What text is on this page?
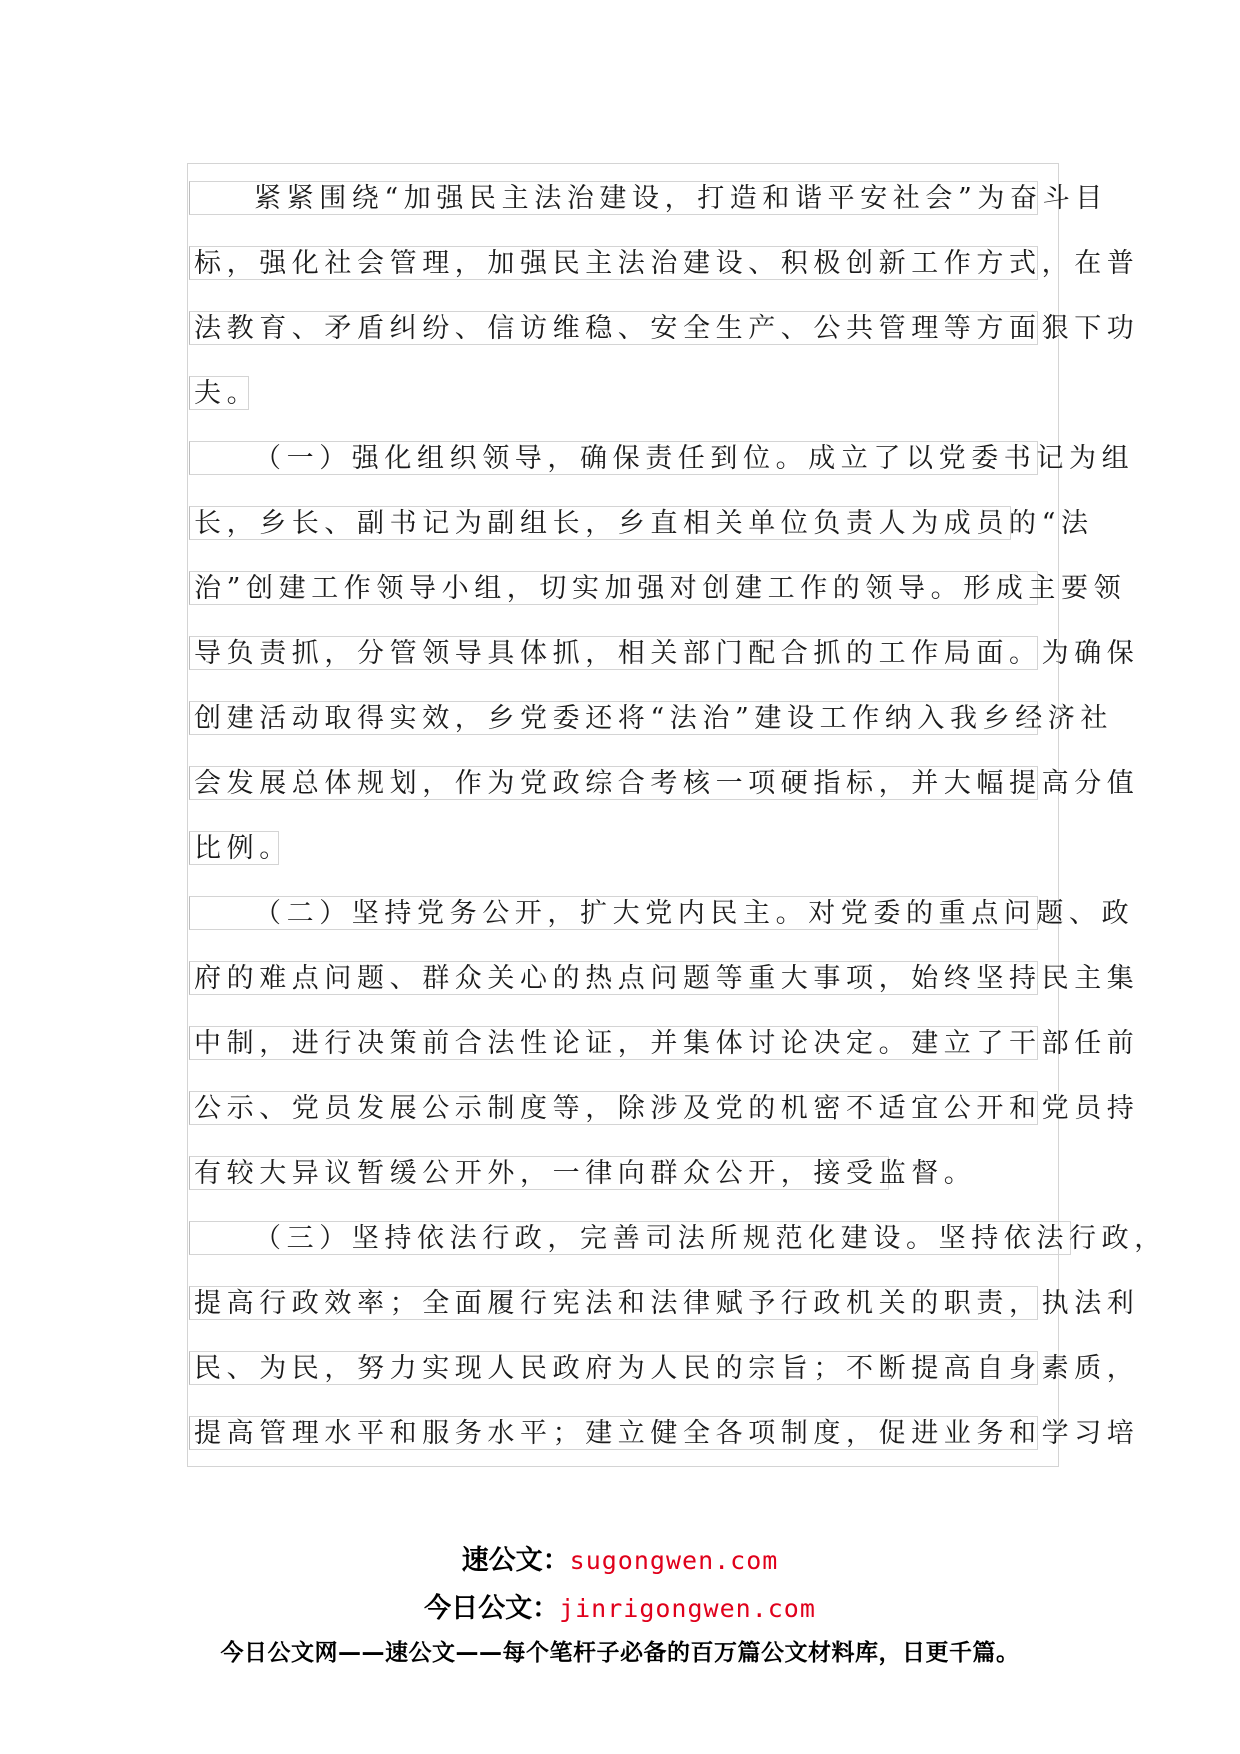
紧紧围绕“加强民主法治建设，打造和谐平安社会”为奋斗目
标，强化社会管理，加强民主法治建设、积极创新工作方式，在普
法教育、矛盾纠纷、信访维稳、安全生产、公共管理等方面狠下功
夫。
（一）强化组织领导，确保责任到位。成立了以党委书记为组
长，乡长、副书记为副组长，乡直相关单位负责人为成员的“法
治”创建工作领导小组，切实加强对创建工作的领导。形成主要领
导负责抓，分管领导具体抓，相关部门配合抓的工作局面。为确保
创建活动取得实效，乡党委还将“法治”建设工作纳入我乡经济社
会发展总体规划，作为党政综合考核一项硬指标，并大幅提高分值
比例。
（二）坚持党务公开，扩大党内民主。对党委的重点问题、政
府的难点问题、群众关心的热点问题等重大事项，始终坚持民主集
中制，进行决策前合法性论证，并集体讨论决定。建立了干部任前
公示、党员发展公示制度等，除涉及党的机密不适宜公开和党员持
有较大异议暂缓公开外，一律向群众公开，接受监督。
（三）坚持依法行政，完善司法所规范化建设。坚持依法行政，
提高行政效率；全面履行宪法和法律赋予行政机关的职责，执法利
民、为民，努力实现人民政府为人民的宗旨；不断提高自身素质，
提高管理水平和服务水平；建立健全各项制度，促进业务和学习培
速公文：sugongwen.com
今日公文：jinrigongwen.com
今日公文网——速公文——每个笔杆子必备的百万篇公文材料库，日更千篇。
